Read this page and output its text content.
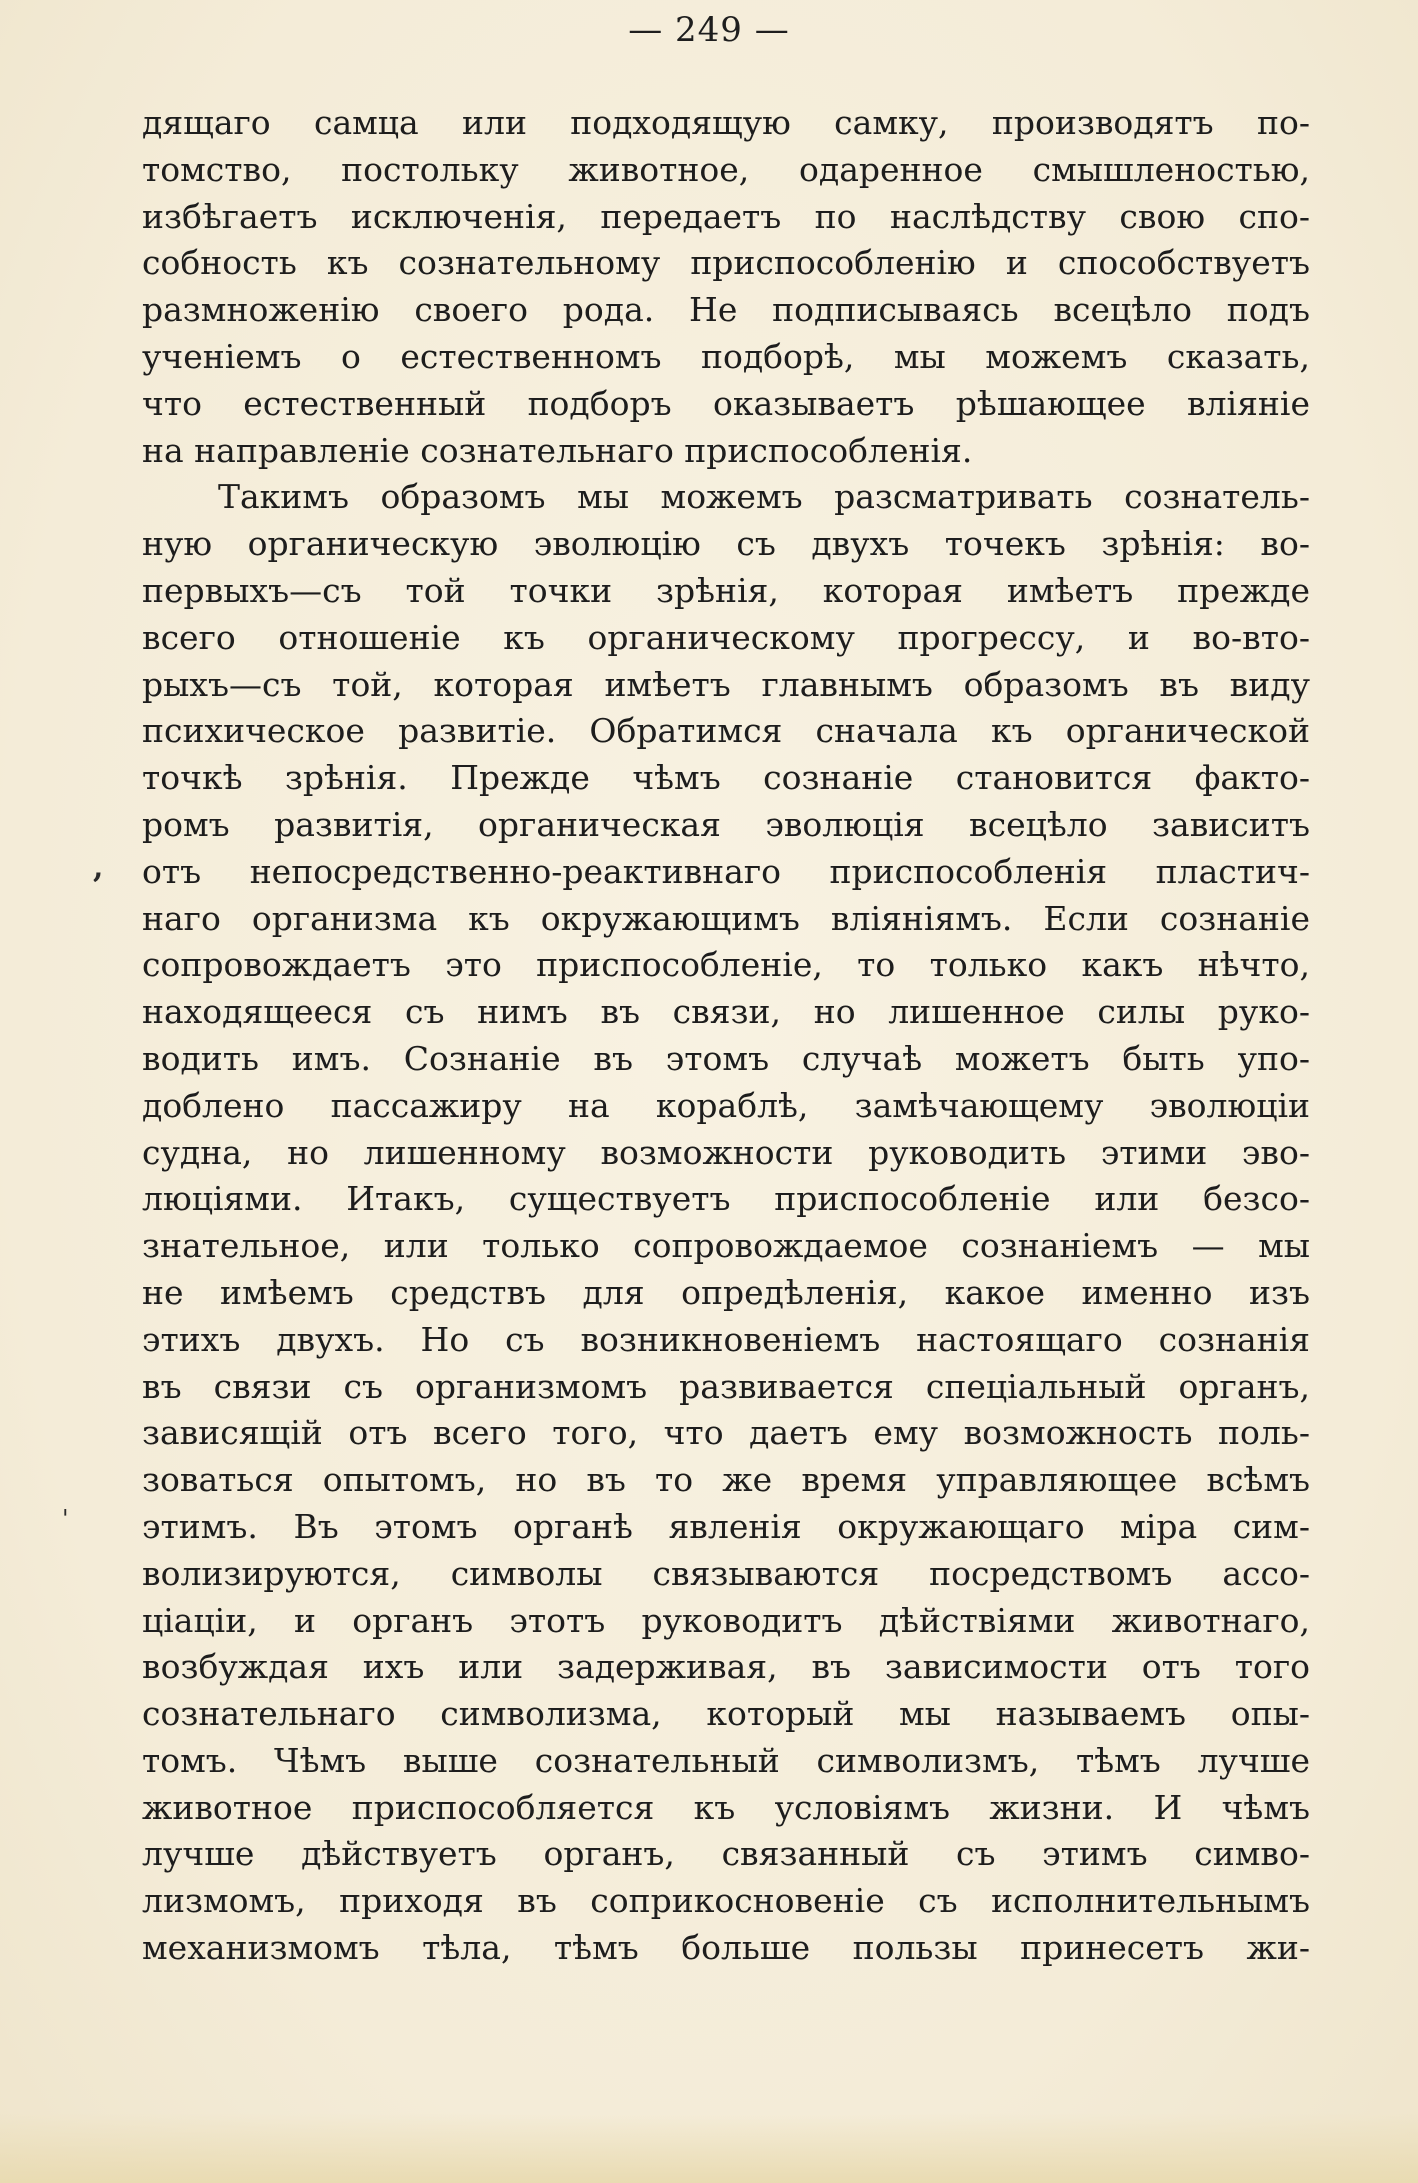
— 249 —
дящаго самца или подходящую самку, производятъ по-
томство, постольку животное, одаренное смышленостью,
избѣгаетъ исключенія, передаетъ по наслѣдству свою спо-
собность къ сознательному приспособленію и способствуетъ
размноженію своего рода. Не подписываясь всецѣло подъ
ученіемъ о естественномъ подборѣ, мы можемъ сказать,
что естественный подборъ оказываетъ рѣшающее вліяніе
на направленіе сознательнаго приспособленія.
Такимъ образомъ мы можемъ разсматривать сознатель-
ную органическую эволюцію съ двухъ точекъ зрѣнія: во-
первыхъ—съ той точки зрѣнія, которая имѣетъ прежде
всего отношеніе къ органическому прогрессу, и во-вто-
рыхъ—съ той, которая имѣетъ главнымъ образомъ въ виду
психическое развитіе. Обратимся сначала къ органической
точкѣ зрѣнія. Прежде чѣмъ сознаніе становится факто-
ромъ развитія, органическая эволюція всецѣло зависитъ
отъ непосредственно-реактивнаго приспособленія пластич-
наго организма къ окружающимъ вліяніямъ. Если сознаніе
сопровождаетъ это приспособленіе, то только какъ нѣчто,
находящееся съ нимъ въ связи, но лишенное силы руко-
водить имъ. Сознаніе въ этомъ случаѣ можетъ быть упо-
доблено пассажиру на кораблѣ, замѣчающему эволюціи
судна, но лишенному возможности руководить этими эво-
люціями. Итакъ, существуетъ приспособленіе или безсо-
знательное, или только сопровождаемое сознаніемъ — мы
не имѣемъ средствъ для опредѣленія, какое именно изъ
этихъ двухъ. Но съ возникновеніемъ настоящаго сознанія
въ связи съ организмомъ развивается спеціальный органъ,
зависящій отъ всего того, что даетъ ему возможность поль-
зоваться опытомъ, но въ то же время управляющее всѣмъ
этимъ. Въ этомъ органѣ явленія окружающаго міра сим-
волизируются, символы связываются посредствомъ ассо-
ціаціи, и органъ этотъ руководитъ дѣйствіями животнаго,
возбуждая ихъ или задерживая, въ зависимости отъ того
сознательнаго символизма, который мы называемъ опы-
томъ. Чѣмъ выше сознательный символизмъ, тѣмъ лучше
животное приспособляется къ условіямъ жизни. И чѣмъ
лучше дѣйствуетъ органъ, связанный съ этимъ симво-
лизмомъ, приходя въ соприкосновеніе съ исполнительнымъ
механизмомъ тѣла, тѣмъ больше пользы принесетъ жи-
,
'
